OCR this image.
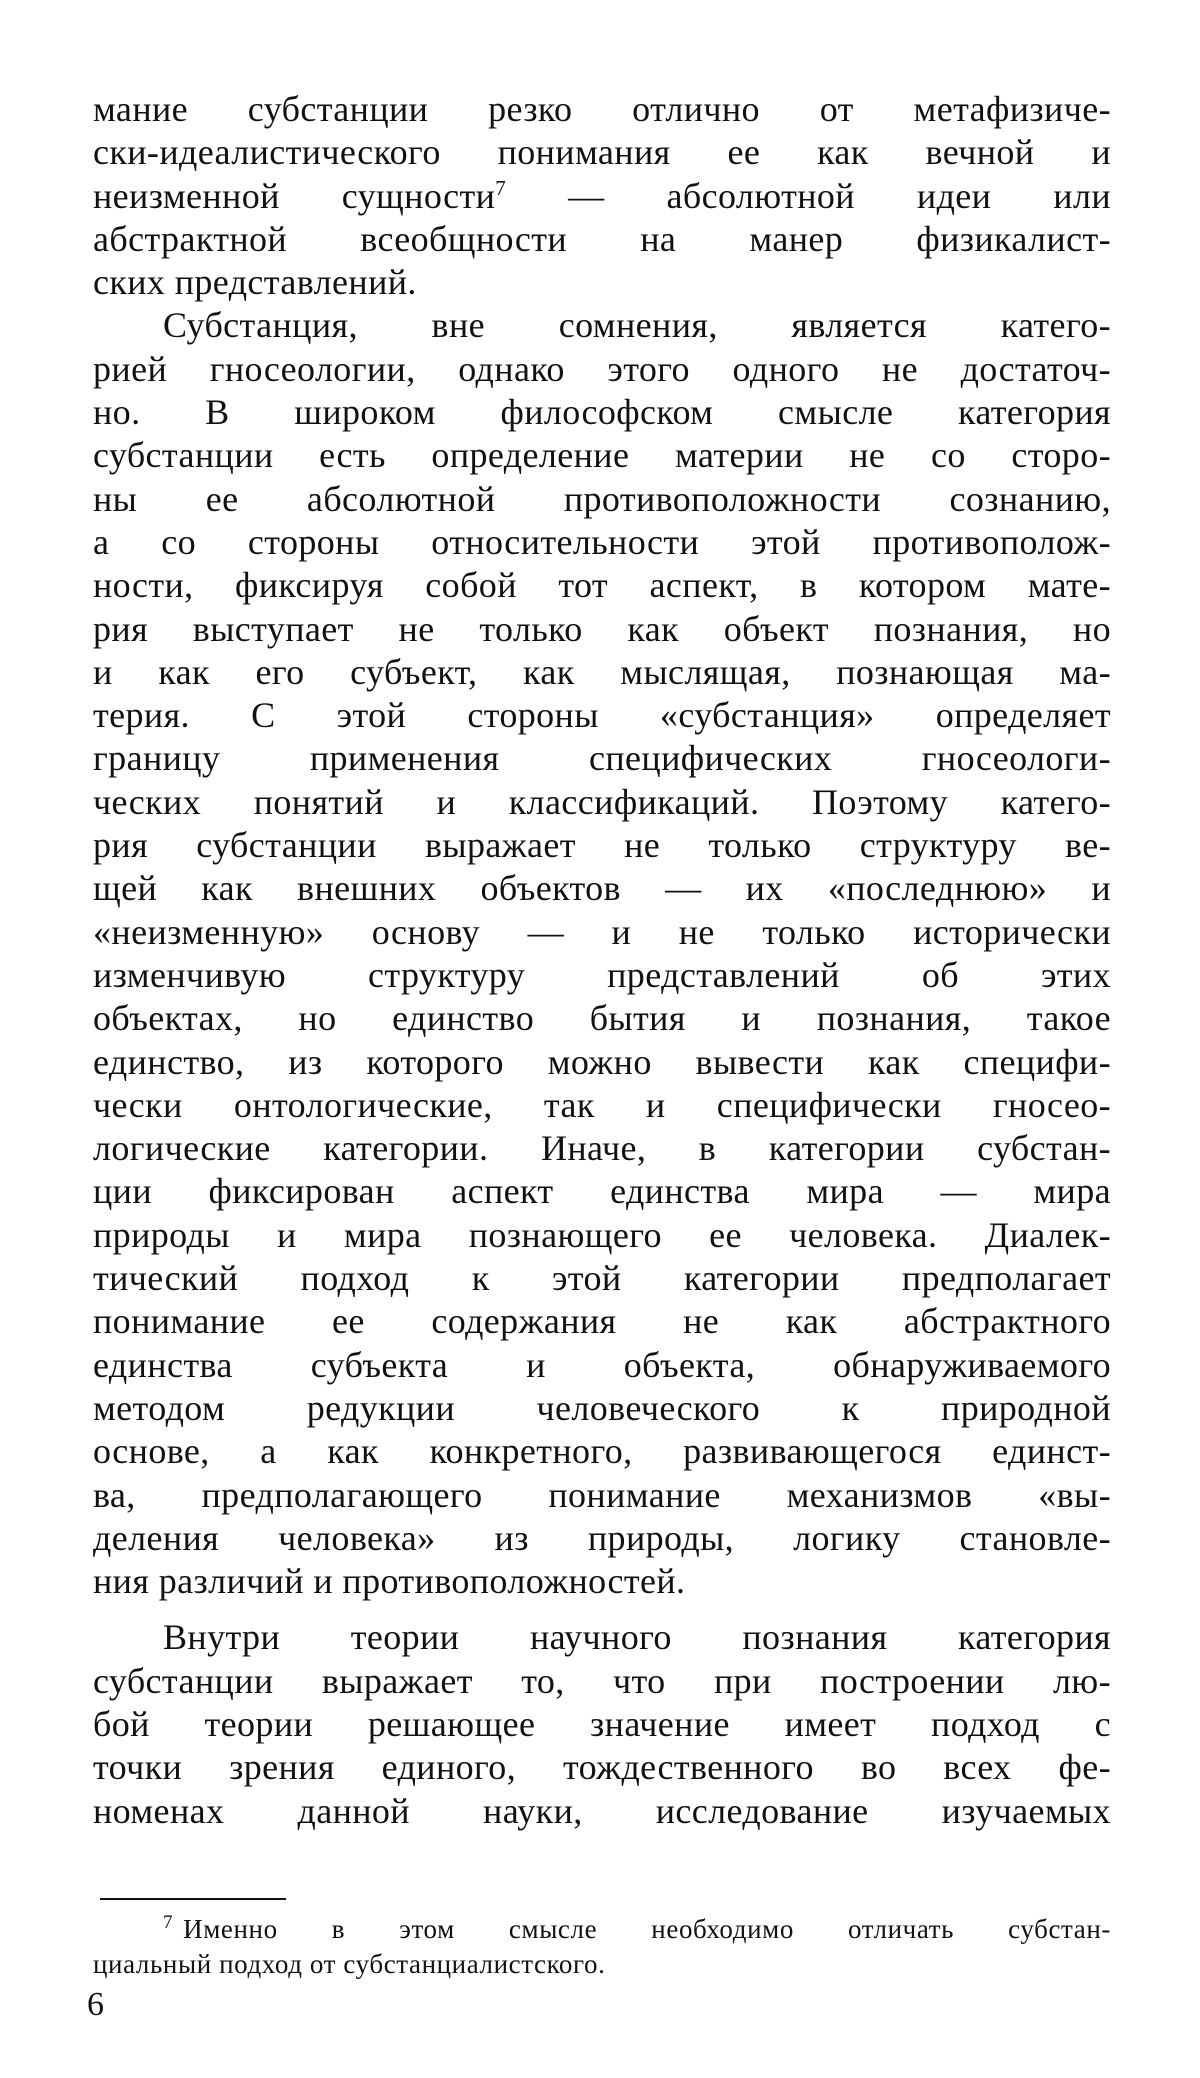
мание субстанции резко отлично от метафизиче-
ски-идеалистического понимания ее как вечной и
неизменной сущности$^7$ — абсолютной идеи или
абстрактной всеобщности на манер физикалист-
ских представлений.
Субстанция, вне сомнения, является катего-
рией гносеологии, однако этого одного не достаточ-
но. В широком философском смысле категория
субстанции есть определение материи не со сторо-
ны ее абсолютной противоположности сознанию,
а со стороны относительности этой противополож-
ности, фиксируя собой тот аспект, в котором мате-
рия выступает не только как объект познания, но
и как его субъект, как мыслящая, познающая ма-
терия. С этой стороны «субстанция» определяет
границу применения специфических гносеологи-
ческих понятий и классификаций. Поэтому катего-
рия субстанции выражает не только структуру ве-
щей как внешних объектов — их «последнюю» и
«неизменную» основу — и не только исторически
изменчивую структуру представлений об этих
объектах, но единство бытия и познания, такое
единство, из которого можно вывести как специфи-
чески онтологические, так и специфически гносео-
логические категории. Иначе, в категории субстан-
ции фиксирован аспект единства мира — мира
природы и мира познающего ее человека. Диалек-
тический подход к этой категории предполагает
понимание ее содержания не как абстрактного
единства субъекта и объекта, обнаруживаемого
методом редукции человеческого к природной
основе, а как конкретного, развивающегося единст-
ва, предполагающего понимание механизмов «вы-
деления человека» из природы, логику становле-
ния различий и противоположностей.
Внутри теории научного познания категория
субстанции выражает то, что при построении лю-
бой теории решающее значение имеет подход с
точки зрения единого, тождественного во всех фе-
номенах данной науки, исследование изучаемых
$^7$ Именно в этом смысле необходимо отличать субстан-
циальный подход от субстанциалистского.
6
